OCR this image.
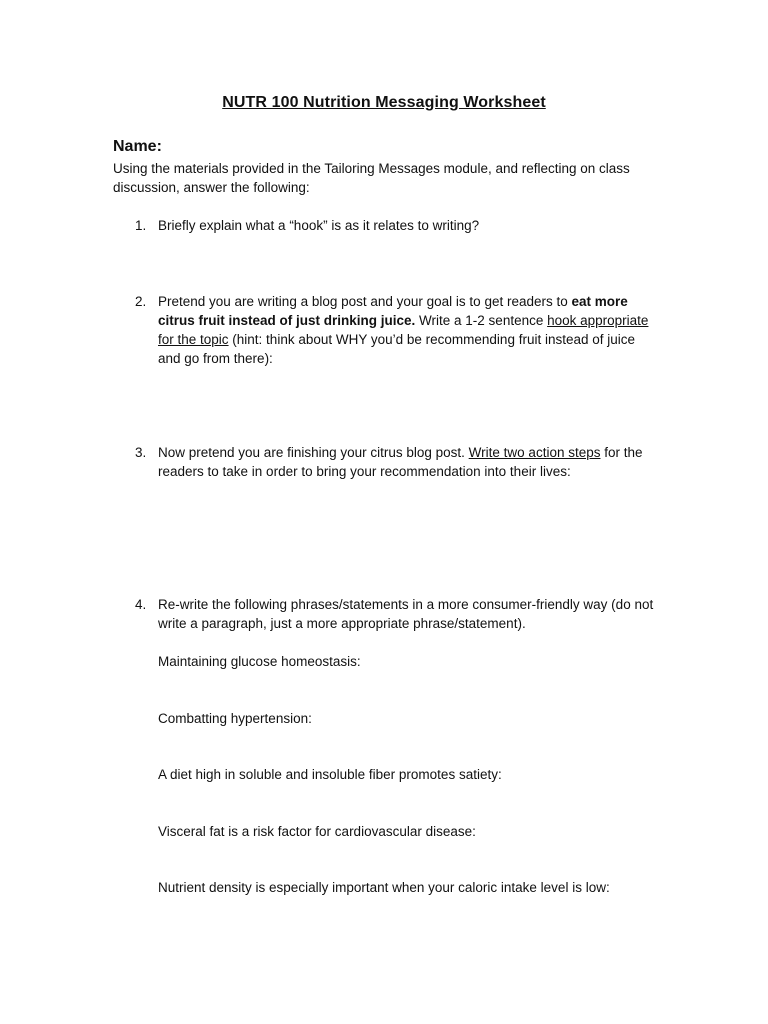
NUTR 100 Nutrition Messaging Worksheet
Name:
Using the materials provided in the Tailoring Messages module, and reflecting on class discussion, answer the following:
1. Briefly explain what a “hook” is as it relates to writing?
2. Pretend you are writing a blog post and your goal is to get readers to eat more citrus fruit instead of just drinking juice. Write a 1-2 sentence hook appropriate for the topic (hint: think about WHY you’d be recommending fruit instead of juice and go from there):
3. Now pretend you are finishing your citrus blog post. Write two action steps for the readers to take in order to bring your recommendation into their lives:
4. Re-write the following phrases/statements in a more consumer-friendly way (do not write a paragraph, just a more appropriate phrase/statement).
Maintaining glucose homeostasis:
Combatting hypertension:
A diet high in soluble and insoluble fiber promotes satiety:
Visceral fat is a risk factor for cardiovascular disease:
Nutrient density is especially important when your caloric intake level is low:
